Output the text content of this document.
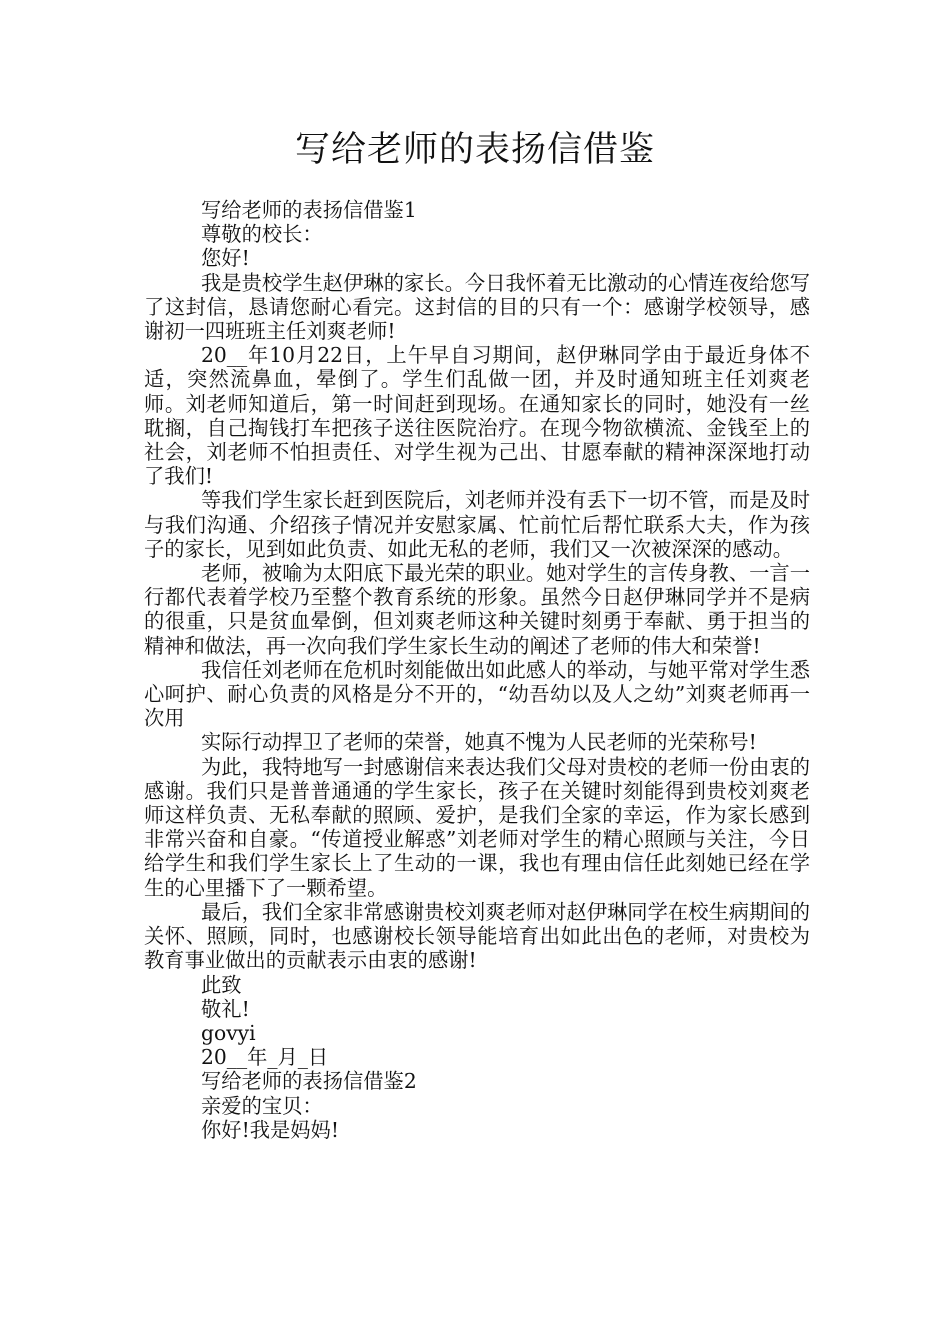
写给老师的表扬信借鉴

写给老师的表扬信借鉴1

尊敬的校长：

您好!

我是贵校学生赵伊琳的家长。今日我怀着无比激动的心情连夜给您写了这封信，恳请您耐心看完。这封信的目的只有一个：感谢学校领导，感谢初一四班班主任刘爽老师!

20__年10月22日，上午早自习期间，赵伊琳同学由于最近身体不适，突然流鼻血，晕倒了。学生们乱做一团，并及时通知班主任刘爽老师。刘老师知道后，第一时间赶到现场。在通知家长的同时，她没有一丝耽搁，自己掏钱打车把孩子送往医院治疗。在现今物欲横流、金钱至上的社会，刘老师不怕担责任、对学生视为己出、甘愿奉献的精神深深地打动了我们!

等我们学生家长赶到医院后，刘老师并没有丢下一切不管，而是及时与我们沟通、介绍孩子情况并安慰家属、忙前忙后帮忙联系大夫，作为孩子的家长，见到如此负责、如此无私的老师，我们又一次被深深的感动。

老师，被喻为太阳底下最光荣的职业。她对学生的言传身教、一言一行都代表着学校乃至整个教育系统的形象。虽然今日赵伊琳同学并不是病的很重，只是贫血晕倒，但刘爽老师这种关键时刻勇于奉献、勇于担当的精神和做法，再一次向我们学生家长生动的阐述了老师的伟大和荣誉!

我信任刘老师在危机时刻能做出如此感人的举动，与她平常对学生悉心呵护、耐心负责的风格是分不开的，“幼吾幼以及人之幼”刘爽老师再一次用

实际行动捍卫了老师的荣誉，她真不愧为人民老师的光荣称号!

为此，我特地写一封感谢信来表达我们父母对贵校的老师一份由衷的感谢。我们只是普普通通的学生家长，孩子在关键时刻能得到贵校刘爽老师这样负责、无私奉献的照顾、爱护，是我们全家的幸运，作为家长感到非常兴奋和自豪。“传道授业解惑”刘老师对学生的精心照顾与关注，今日给学生和我们学生家长上了生动的一课，我也有理由信任此刻她已经在学生的心里播下了一颗希望。

最后，我们全家非常感谢贵校刘爽老师对赵伊琳同学在校生病期间的关怀、照顾，同时，也感谢校长领导能培育出如此出色的老师，对贵校为教育事业做出的贡献表示由衷的感谢!

此致

敬礼!

govyi

20__年_月_日

写给老师的表扬信借鉴2

亲爱的宝贝：

你好!我是妈妈!
